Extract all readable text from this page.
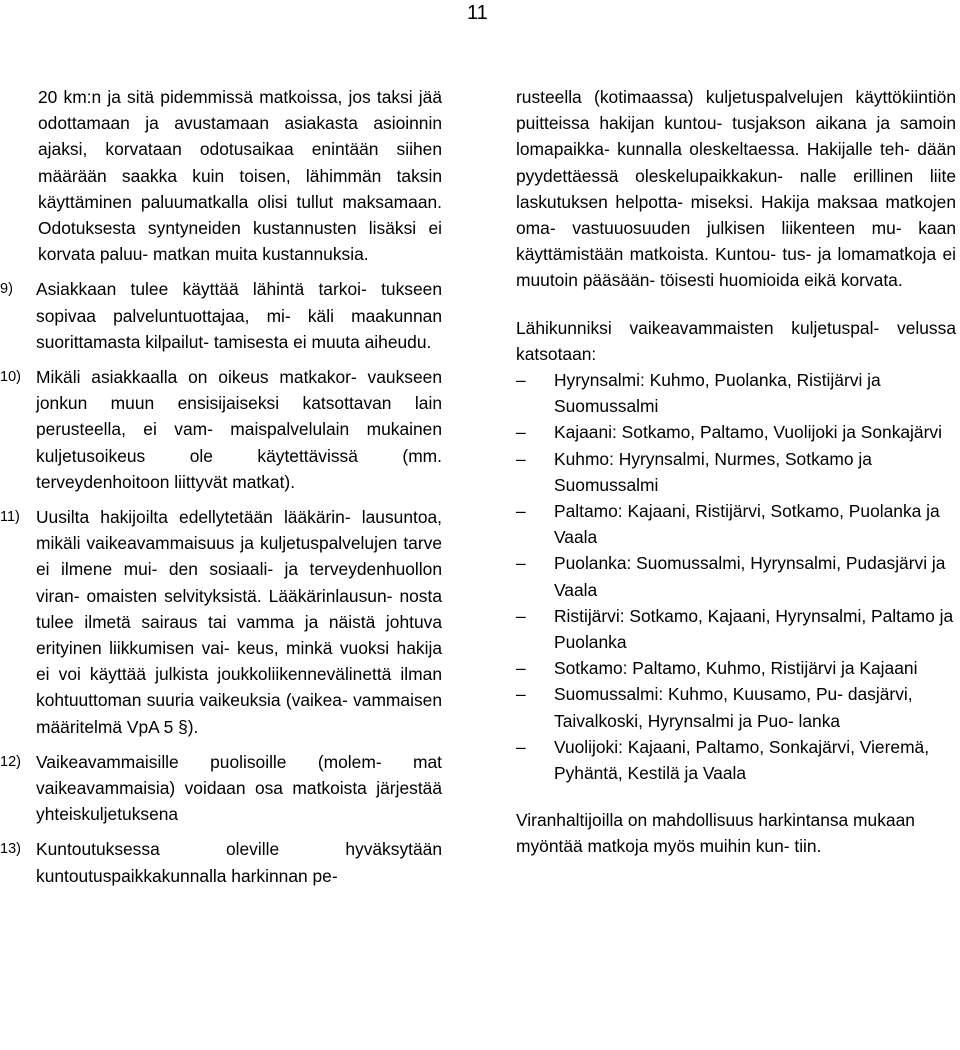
11

20 km:n ja sitä pidemmissä matkoissa, jos taksi jää odottamaan ja avustamaan asiakasta asioinnin ajaksi, korvataan odotusaikaa enintään siihen määrään saakka kuin toisen, lähimmän taksin käyttäminen paluumatkalla olisi tullut maksamaan. Odotuksesta syntyneiden kustannusten lisäksi ei korvata paluu- matkan muita kustannuksia.

9) Asiakkaan tulee käyttää lähintä tarkoi- tukseen sopivaa palveluntuottajaa, mi- käli maakunnan suorittamasta kilpailut- tamisesta ei muuta aiheudu.
10) Mikäli asiakkaalla on oikeus matkakor- vaukseen jonkun muun ensisijaiseksi katsottavan lain perusteella, ei vam- maispalvelulain mukainen kuljetusoikeus ole käytettävissä (mm. terveydenhoitoon liittyvät matkat).
11) Uusilta hakijoilta edellytetään lääkärin- lausuntoa, mikäli vaikeavammaisuus ja kuljetuspalvelujen tarve ei ilmene mui- den sosiaali- ja terveydenhuollon viran- omaisten selvityksistä. Lääkärinlausun- nosta tulee ilmetä sairaus tai vamma ja näistä johtuva erityinen liikkumisen vai- keus, minkä vuoksi hakija ei voi käyttää julkista joukkoliikennevälinettä ilman kohtuuttoman suuria vaikeuksia (vaikea- vammaisen määritelmä VpA 5 §).
12) Vaikeavammaisille puolisoille (molem- mat vaikeavammaisia) voidaan osa matkoista järjestää yhteiskuljetuksena
13) Kuntoutuksessa oleville hyväksytään kuntoutuspaikkakunnalla harkinnan pe-

rusteella (kotimaassa) kuljetuspalvelujen käyttökiintiön puitteissa hakijan kuntou- tusjakson aikana ja samoin lomapaikka- kunnalla oleskeltaessa. Hakijalle teh- dään pyydettäessä oleskelupaikkakun- nalle erillinen liite laskutuksen helpotta- miseksi. Hakija maksaa matkojen oma- vastuuosuuden julkisen liikenteen mu- kaan käyttämistään matkoista. Kuntou- tus- ja lomamatkoja ei muutoin pääsään- töisesti huomioida eikä korvata.

Lähikunniksi vaikeavammaisten kuljetuspal- velussa katsotaan:

– Hyrynsalmi: Kuhmo, Puolanka, Ristijärvi ja Suomussalmi
– Kajaani: Sotkamo, Paltamo, Vuolijoki ja Sonkajärvi
– Kuhmo: Hyrynsalmi, Nurmes, Sotkamo ja Suomussalmi
– Paltamo: Kajaani, Ristijärvi, Sotkamo, Puolanka ja Vaala
– Puolanka: Suomussalmi, Hyrynsalmi, Pudasjärvi ja Vaala
– Ristijärvi: Sotkamo, Kajaani, Hyrynsalmi, Paltamo ja Puolanka
– Sotkamo: Paltamo, Kuhmo, Ristijärvi ja Kajaani
– Suomussalmi: Kuhmo, Kuusamo, Pu- dasjärvi, Taivalkoski, Hyrynsalmi ja Puo- lanka
– Vuolijoki: Kajaani, Paltamo, Sonkajärvi, Vieremä, Pyhäntä, Kestilä ja Vaala

Viranhaltijoilla on mahdollisuus harkintansa mukaan myöntää matkoja myös muihin kun- tiin.
